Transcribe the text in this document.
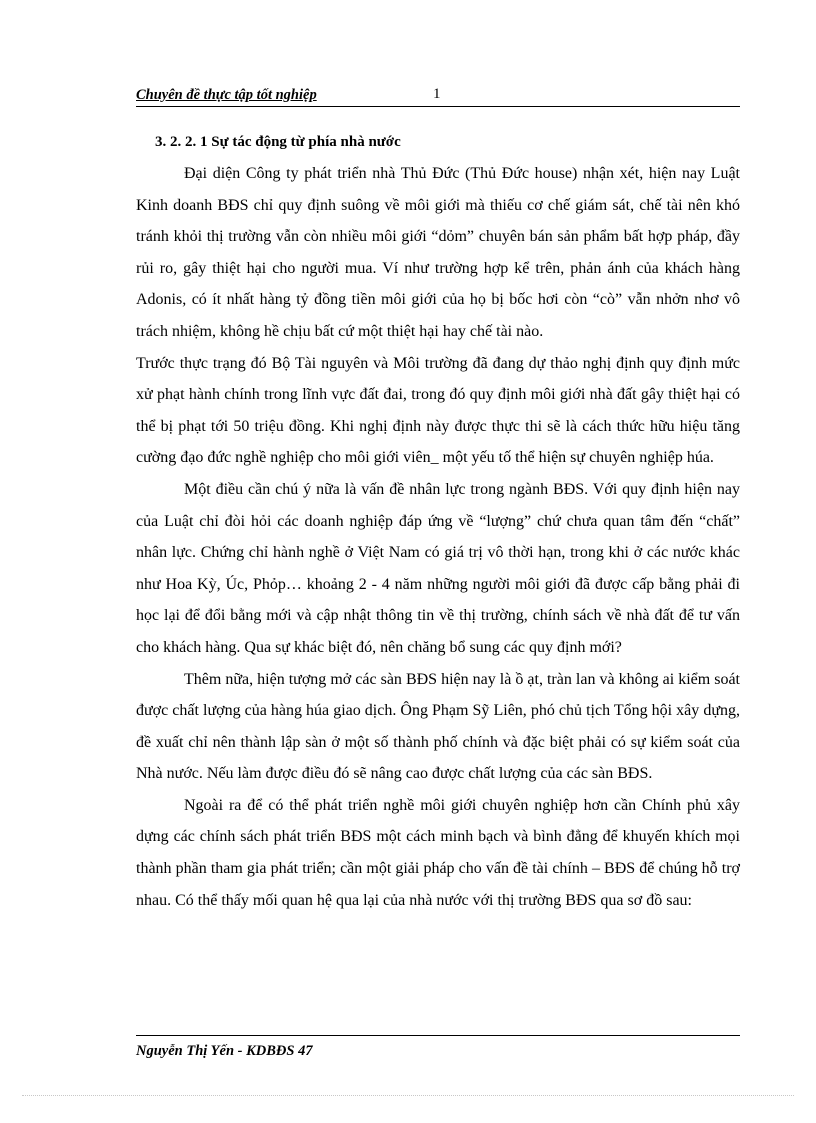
Chuyên đề thực tập tốt nghiệp	1
3. 2. 2. 1 Sự tác động từ phía nhà nước

Đại diện Công ty phát triển nhà Thủ Đức (Thủ Đức house) nhận xét, hiện nay Luật Kinh doanh BĐS chỉ quy định suông về môi giới mà thiếu cơ chế giám sát, chế tài nên khó tránh khỏi thị trường vẫn còn nhiều môi giới “dỏm” chuyên bán sản phẩm bất hợp pháp, đầy rủi ro, gây thiệt hại cho người mua. Ví như trường hợp kể trên, phản ánh của khách hàng Adonis, có ít nhất hàng tỷ đồng tiền môi giới của họ bị bốc hơi còn “cò” vẫn nhởn nhơ vô trách nhiệm, không hề chịu bất cứ một thiệt hại hay chế tài nào.

Trước thực trạng đó Bộ Tài nguyên và Môi trường đã đang dự thảo nghị định quy định mức xử phạt hành chính trong lĩnh vực đất đai, trong đó quy định môi giới nhà đất gây thiệt hại có thể bị phạt tới 50 triệu đồng. Khi nghị định này được thực thi sẽ là cách thức hữu hiệu tăng cường đạo đức nghề nghiệp cho môi giới viên_ một yếu tố thể hiện sự chuyên nghiệp húa.

Một điều cần chú ý nữa là vấn đề nhân lực trong ngành BĐS. Với quy định hiện nay của Luật chỉ đòi hỏi các doanh nghiệp đáp ứng về “lượng” chứ chưa quan tâm đến “chất” nhân lực. Chứng chỉ hành nghề ở Việt Nam có giá trị vô thời hạn, trong khi ở các nước khác như Hoa Kỳ, Úc, Phỏp… khoảng 2 - 4 năm những người môi giới đã được cấp bằng phải đi học lại để đổi bằng mới và cập nhật thông tin về thị trường, chính sách về nhà đất để tư vấn cho khách hàng. Qua sự khác biệt đó, nên chăng bổ sung các quy định mới?

Thêm nữa, hiện tượng mở các sàn BĐS hiện nay là ồ ạt, tràn lan và không ai kiểm soát được chất lượng của hàng húa giao dịch. Ông Phạm Sỹ Liên, phó chủ tịch Tổng hội xây dựng, đề xuất chỉ nên thành lập sàn ở một số thành phố chính và đặc biệt phải có sự kiểm soát của Nhà nước. Nếu làm được điều đó sẽ nâng cao được chất lượng của các sàn BĐS.

Ngoài ra để có thể phát triển nghề môi giới chuyên nghiệp hơn cần Chính phủ xây dựng các chính sách phát triển BĐS một cách minh bạch và bình đẳng để khuyến khích mọi thành phần tham gia phát triển; cần một giải pháp cho vấn đề tài chính – BĐS để chúng hỗ trợ nhau. Có thể thấy mối quan hệ qua lại của nhà nước với thị trường BĐS qua sơ đồ sau:

Nguyễn Thị Yến - KDBĐS 47
